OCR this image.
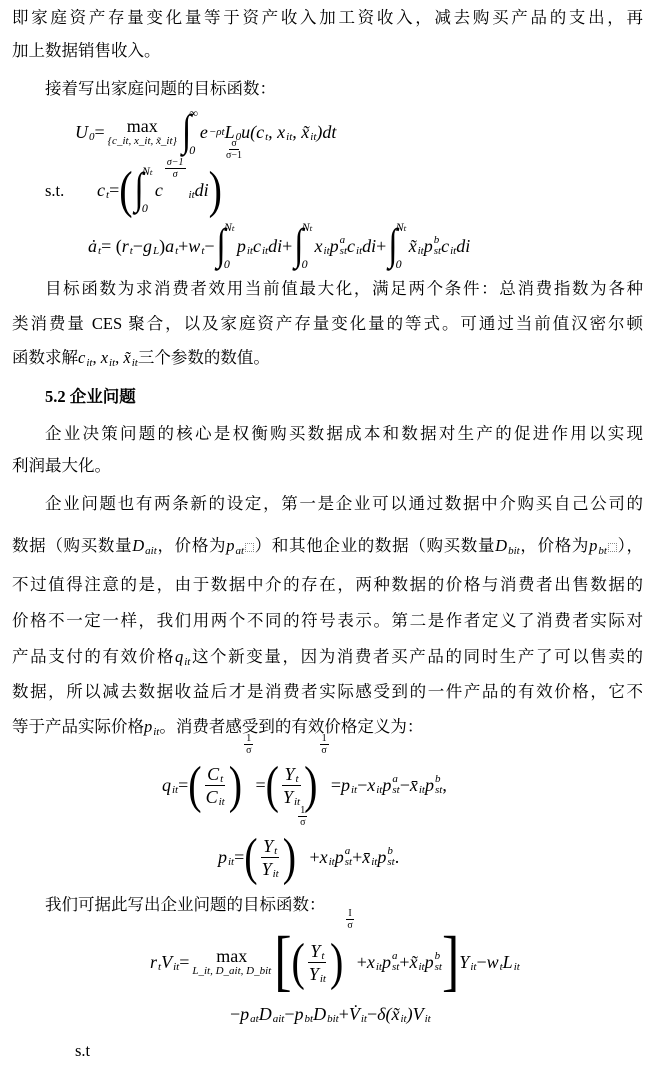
即家庭资产存量变化量等于资产收入加工资收入，减去购买产品的支出，再
加上数据销售收入。
接着写出家庭问题的目标函数：
U 0 = max
{c_it, x_it, x̃_it} ∫
∞
0
e −ρt L 0 u(c t , x it , x̃ it )dt
s.t. c t = ( ∫
Nₜ
0
c
$\frac{\sigma-1}{\sigma}$
it di )
$\frac{\sigma}{\sigma-1}$
ȧ t = ( r t − g L ) a t + w t − ∫
Nₜ
0
p it c it di + ∫
Nₜ
0
x it p a
st c it di + ∫
Nₜ
0
x̃ it p b
st c it di
目标函数为求消费者效用当前值最大化，满足两个条件：总消费指数为各种
类消费量 CES 聚合，以及家庭资产存量变化量的等式。可通过当前值汉密尔顿
函数求解 c it , x it , x̃ it 三个参数的数值。
5.2 企业问题
企业决策问题的核心是权衡购买数据成本和数据对生产的促进作用以实现
利润最大化。
企业问题也有两条新的设定，第一是企业可以通过数据中介购买自己公司的
数据（购买数量 D ait ，价格为 p at ）和其他企业的数据（购买数量 D bit ，价格为 p bt ），
不过值得注意的是，由于数据中介的存在，两种数据的价格与消费者出售数据的
价格不一定一样，我们用两个不同的符号表示。第二是作者定义了消费者实际对
产品支付的有效价格 q it 这个新变量，因为消费者买产品的同时生产了可以售卖的
数据，所以减去数据收益后才是消费者实际感受到的一件产品的有效价格，它不
等于产品实际价格 p it 。消费者感受到的有效价格定义为：
q it = ( $\frac{\text{C t}}{\text{C it}}$ )
$\frac{1}{\sigma}$
= ( $\frac{\text{Y t}}{\text{Y it}}$ )
$\frac{1}{\sigma}$
= p it − x it p a
st − x̄ it p b
st ,
p it = ( $\frac{\text{Y t}}{\text{Y it}}$ )
$\frac{1}{\sigma}$
+ x it p a
st + x̄ it p b
st .
我们可据此写出企业问题的目标函数：
r t V it = max
L_it, D_ait, D_bit [ ( $\frac{\text{Y t}}{\text{Y it}}$ )
$\frac{I}{\sigma}$
+ x it p a
st + x̃ it p b
st ] Y it − w t L it
− p at D ait − p bt D bit + V̇ it − δ(x̃ it )V it
s.t
